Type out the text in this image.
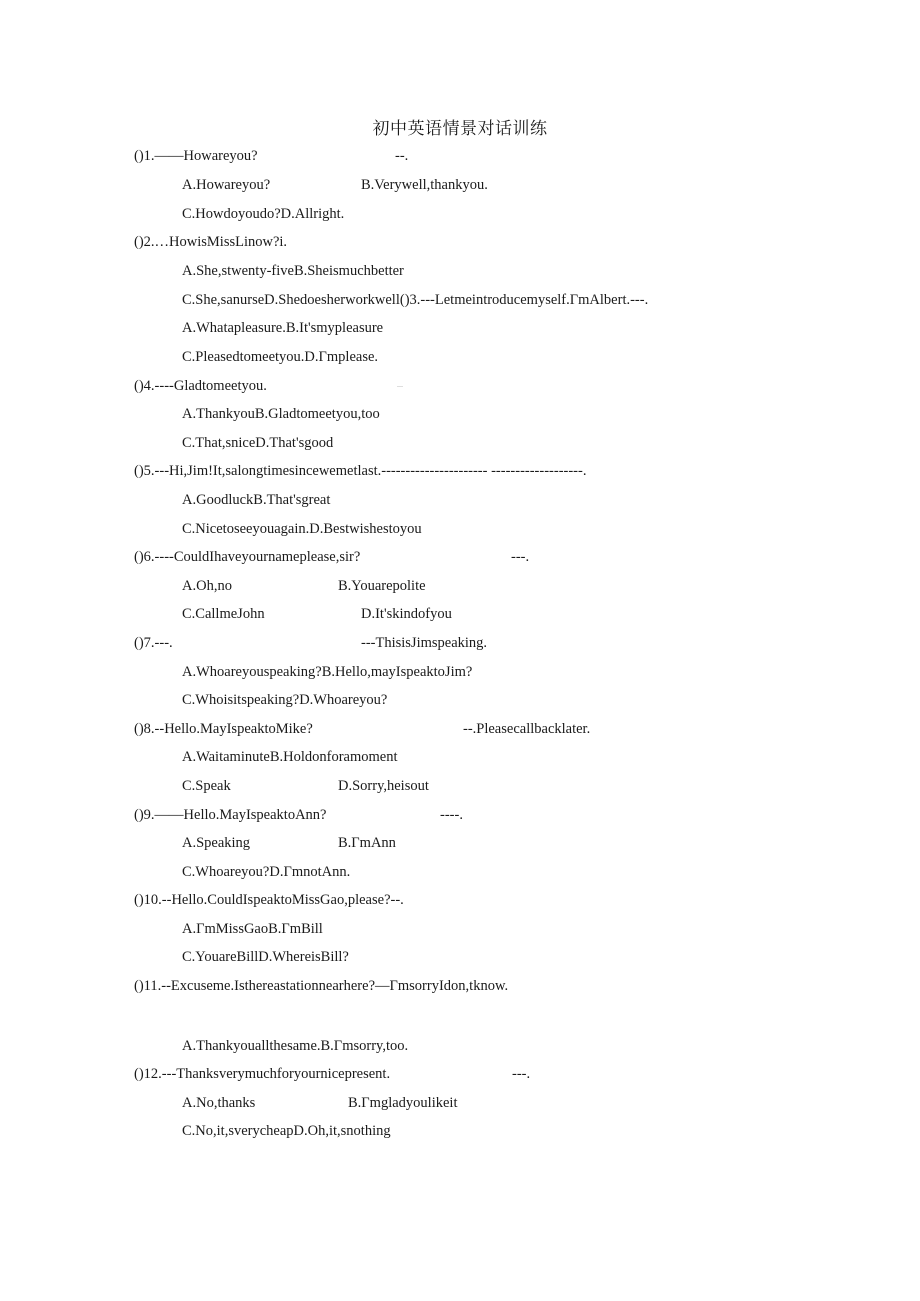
初中英语情景对话训练
()1.——Howareyou?	--.
A.Howareyou?	B.Verywell,thankyou.
C.Howdoyoudo?D.Allright.
()2.…HowisMissLinow?i.
A.She,stwenty-fiveB.Sheismuchbetter
C.She,sanurseD.Shedoesherworkwell()3.---Letmeintroducemyself.ΓmAlbert.---.
A.Whatapleasure.B.It'smypleasure
C.Pleasedtomeetyou.D.Γmplease.
()4.----Gladtomeetyou.	…
A.ThankyouB.Gladtomeetyou,too
C.That,sniceD.That'sgood
()5.---Hi,Jim!It,salongtimesincewemetlast.---------------------- -------------------.
A.GoodluckB.That'sgreat
C.Nicetoseeyouagain.D.Bestwishestoyou
()6.----CouldIhaveyournameplease,sir?	---.
A.Oh,no	B.Youarepolite
C.CallmeJohn	D.It'skindofyou
()7.---.	---ThisisJimspeaking.
A.Whoareyouspeaking?B.Hello,mayIspeaktoJim?
C.Whoisitspeaking?D.Whoareyou?
()8.--Hello.MayIspeaktoMike?	--.Pleasecallbacklater.
A.WaitaminuteB.Holdonforamoment
C.Speak	D.Sorry,heisout
()9.——Hello.MayIspeaktoAnn?	----.
A.Speaking	B.ΓmAnn
C.Whoareyou?D.ΓmnotAnn.
()10.--Hello.CouldIspeaktoMissGao,please?--.
A.ΓmMissGaoB.ΓmBill
C.YouareBillD.WhereisBill?
()11.--Excuseme.Isthereastationnearhere?—ΓmsorryIdon,tknow.
A.Thankyouallthesame.B.Γmsorry,too.
()12.---Thanksverymuchforyournicepresent.	---.
A.No,thanks	B.Γmgladyoulikeit
C.No,it,sverycheapD.Oh,it,snothing
